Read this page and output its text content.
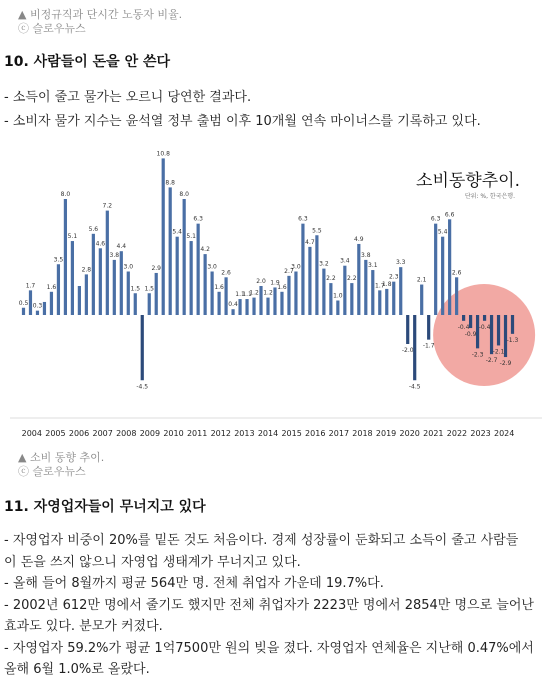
▲ 비정규직과 단시간 노동자 비율.
ⓒ 슬로우뉴스
10. 사람들이 돈을 안 쓴다

- 소득이 줄고 물가는 오르니 당연한 결과다.

- 소비자 물가 지수는 윤석열 정부 출범 이후 10개월 연속 마이너스를 기록하고 있다.

0.5
1.7
0.3
1.6
3.5
8.0
5.1
2.8
5.6
4.6
7.2
3.8
4.4
3.0
1.5
-4.5
1.5
2.9
10.8
8.8
5.4
8.0
5.1
6.3
4.2
3.0
1.6
2.6
0.4
1.1
1.1
1.2
2.0
1.2
1.9
1.6
2.7
3.0
6.3
4.7
5.5
3.2
2.2
1.0
3.4
2.2
4.9
3.8
3.1
1.7
1.8
2.3
3.3
-2.0
-4.5
2.1
-1.7
6.3
5.4
6.6
2.6
-0.4
-0.9
-2.3
-0.4
-2.7
-2.1
-2.9
-1.3
2004 2005 2006 2007 2008 2009 2010 2011 2012 2013 2014 2015 2016 2017 2018 2019 2020 2021 2022 2023 2024
소비동향추이.
단위: %, 한국은행.
▲ 소비 동향 추이.
ⓒ 슬로우뉴스
11. 자영업자들이 무너지고 있다

- 자영업자 비중이 20%를 밑돈 것도 처음이다. 경제 성장률이 둔화되고 소득이 줄고 사람들

이 돈을 쓰지 않으니 자영업 생태계가 무너지고 있다.

- 올해 들어 8월까지 평균 564만 명. 전체 취업자 가운데 19.7%다.

- 2002년 612만 명에서 줄기도 했지만 전체 취업자가 2223만 명에서 2854만 명으로 늘어난

효과도 있다. 분모가 커졌다.

- 자영업자 59.2%가 평균 1억7500만 원의 빚을 졌다. 자영업자 연체율은 지난해 0.47%에서

올해 6월 1.0%로 올랐다.
